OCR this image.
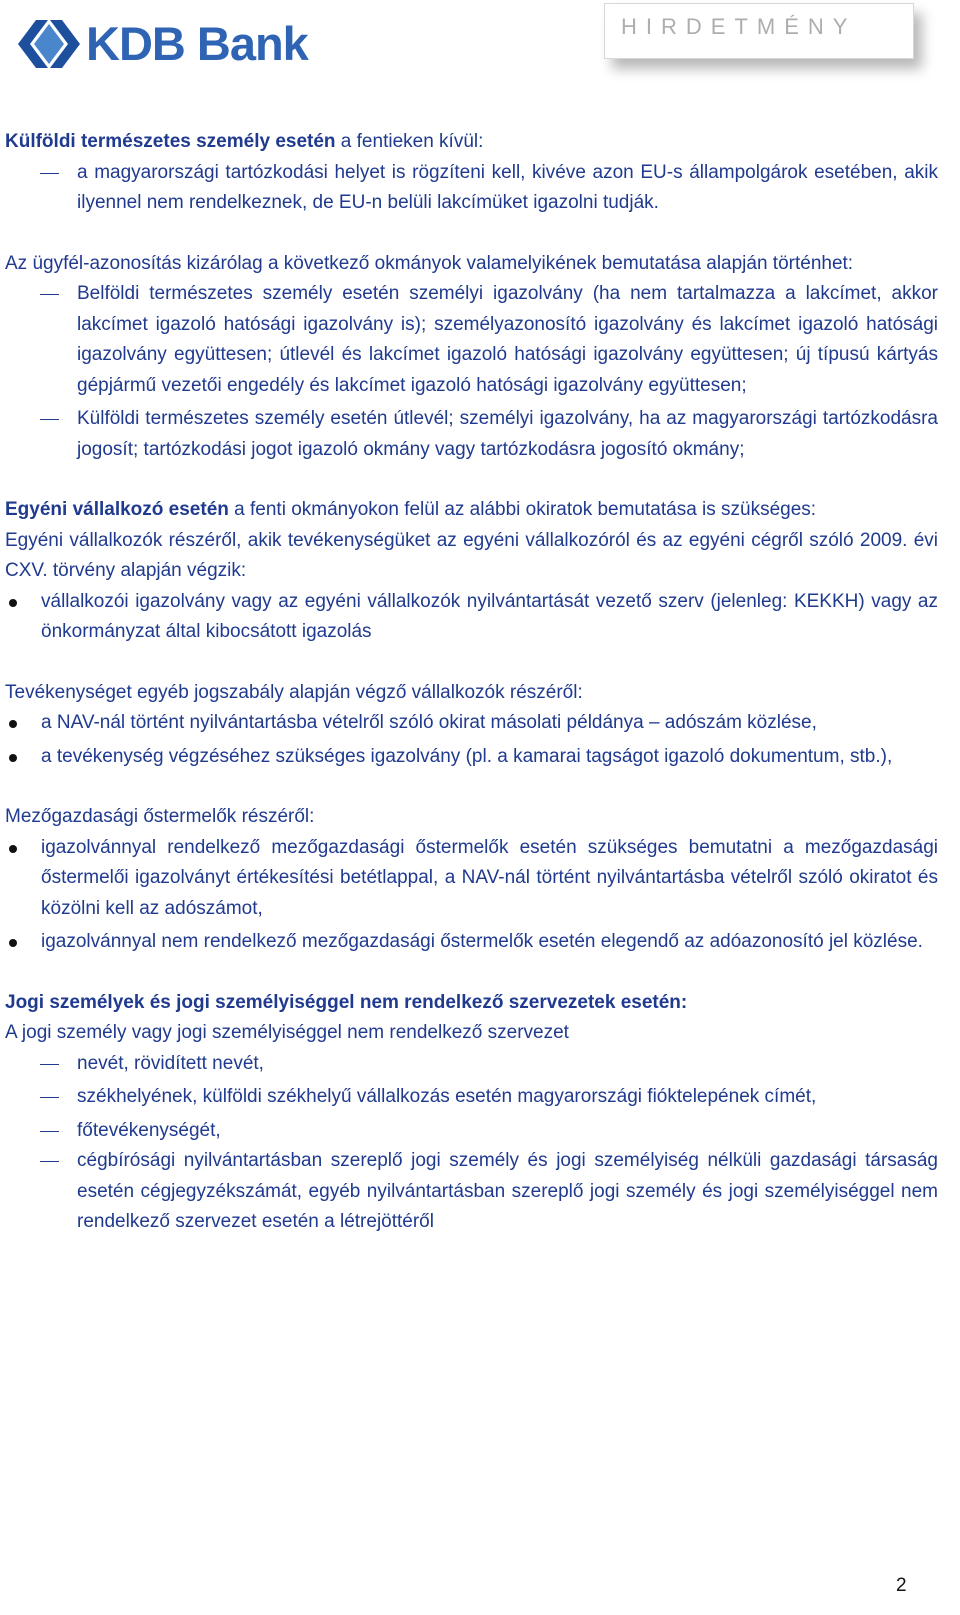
KDB Bank	HIRDETMÉNY

Külföldi természetes személy esetén a fentieken kívül:

a magyarországi tartózkodási helyet is rögzíteni kell, kivéve azon EU-s állampolgárok esetében, akik ilyennel nem rendelkeznek, de EU-n belüli lakcímüket igazolni tudják.

Az ügyfél-azonosítás kizárólag a következő okmányok valamelyikének bemutatása alapján történhet:

Belföldi természetes személy esetén személyi igazolvány (ha nem tartalmazza a lakcímet, akkor lakcímet igazoló hatósági igazolvány is); személyazonosító igazolvány és lakcímet igazoló hatósági igazolvány együttesen; útlevél és lakcímet igazoló hatósági igazolvány együttesen; új típusú kártyás gépjármű vezetői engedély és lakcímet igazoló hatósági igazolvány együttesen;
Külföldi természetes személy esetén útlevél; személyi igazolvány, ha az magyarországi tartózkodásra jogosít; tartózkodási jogot igazoló okmány vagy tartózkodásra jogosító okmány;

Egyéni vállalkozó esetén a fenti okmányokon felül az alábbi okiratok bemutatása is szükséges:

Egyéni vállalkozók részéről, akik tevékenységüket az egyéni vállalkozóról és az egyéni cégről szóló 2009. évi CXV. törvény alapján végzik:

vállalkozói igazolvány vagy az egyéni vállalkozók nyilvántartását vezető szerv (jelenleg: KEKKH) vagy az önkormányzat által kibocsátott igazolás

Tevékenységet egyéb jogszabály alapján végző vállalkozók részéről:

a NAV-nál történt nyilvántartásba vételről szóló okirat másolati példánya – adószám közlése,
a tevékenység végzéséhez szükséges igazolvány (pl. a kamarai tagságot igazoló dokumentum, stb.),

Mezőgazdasági őstermelők részéről:

igazolvánnyal rendelkező mezőgazdasági őstermelők esetén szükséges bemutatni a mezőgazdasági őstermelői igazolványt értékesítési betétlappal, a NAV-nál történt nyilvántartásba vételről szóló okiratot és közölni kell az adószámot,
igazolvánnyal nem rendelkező mezőgazdasági őstermelők esetén elegendő az adóazonosító jel közlése.

Jogi személyek és jogi személyiséggel nem rendelkező szervezetek esetén:

A jogi személy vagy jogi személyiséggel nem rendelkező szervezet

nevét, rövidített nevét,
székhelyének, külföldi székhelyű vállalkozás esetén magyarországi fióktelepének címét,
főtevékenységét,
cégbírósági nyilvántartásban szereplő jogi személy és jogi személyiség nélküli gazdasági társaság esetén cégjegyzékszámát, egyéb nyilvántartásban szereplő jogi személy és jogi személyiséggel nem rendelkező szervezet esetén a létrejöttéről
2
